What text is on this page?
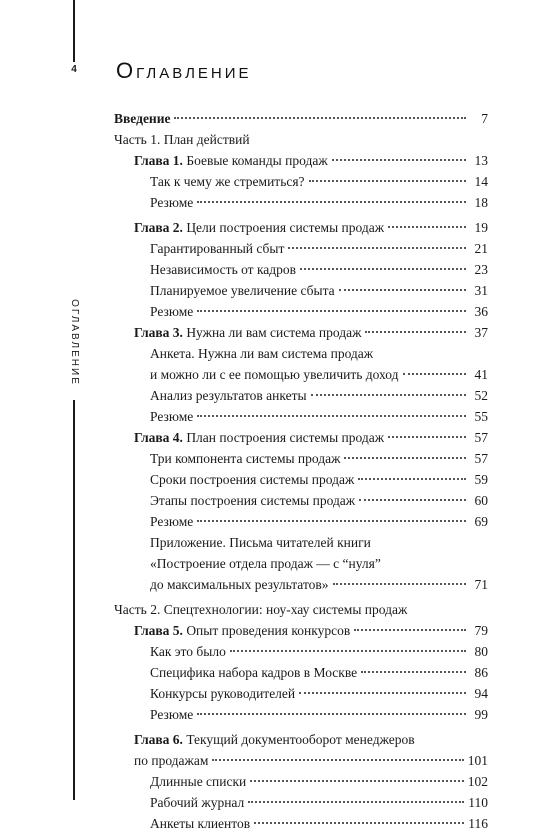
4
ОГЛАВЛЕНИЕ
Оглавление
Введение	7
Часть 1. План действий
Глава 1. Боевые команды продаж	13
Так к чему же стремиться?	14
Резюме	18
Глава 2. Цели построения системы продаж	19
Гарантированный сбыт	21
Независимость от кадров	23
Планируемое увеличение сбыта	31
Резюме	36
Глава 3. Нужна ли вам система продаж	37
Анкета. Нужна ли вам система продаж
и можно ли с ее помощью увеличить доход	41
Анализ результатов анкеты	52
Резюме	55
Глава 4. План построения системы продаж	57
Три компонента системы продаж	57
Сроки построения системы продаж	59
Этапы построения системы продаж	60
Резюме	69
Приложение. Письма читателей книги
«Построение отдела продаж — с “нуля”
до максимальных результатов»	71
Часть 2. Спецтехнологии: ноу-хау системы продаж
Глава 5. Опыт проведения конкурсов	79
Как это было	80
Специфика набора кадров в Москве	86
Конкурсы руководителей	94
Резюме	99
Глава 6. Текущий документооборот менеджеров
по продажам	101
Длинные списки	102
Рабочий журнал	110
Анкеты клиентов	116
